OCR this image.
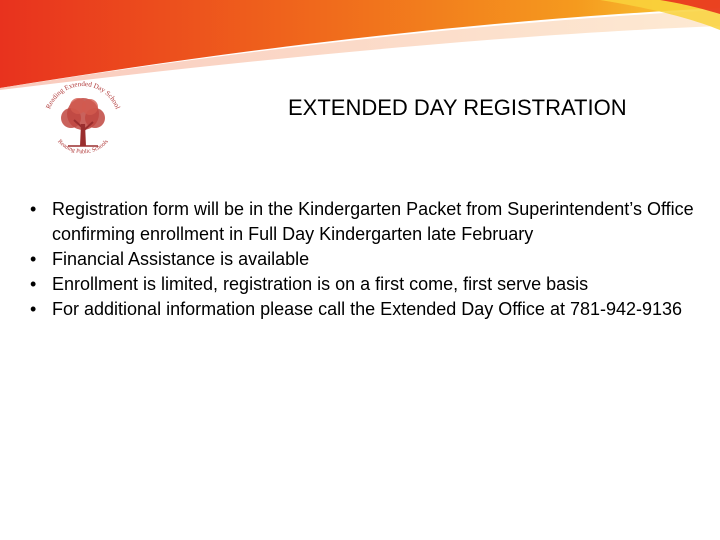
Reading Extended Day School
Reading Public Schools
EXTENDED DAY REGISTRATION
• Registration form will be in the Kindergarten Packet from Superintendent’s Office confirming enrollment in Full Day Kindergarten late February
• Financial Assistance is available
• Enrollment is limited, registration is on a first come, first serve basis
• For additional information please call the Extended Day Office at 781-942-9136
